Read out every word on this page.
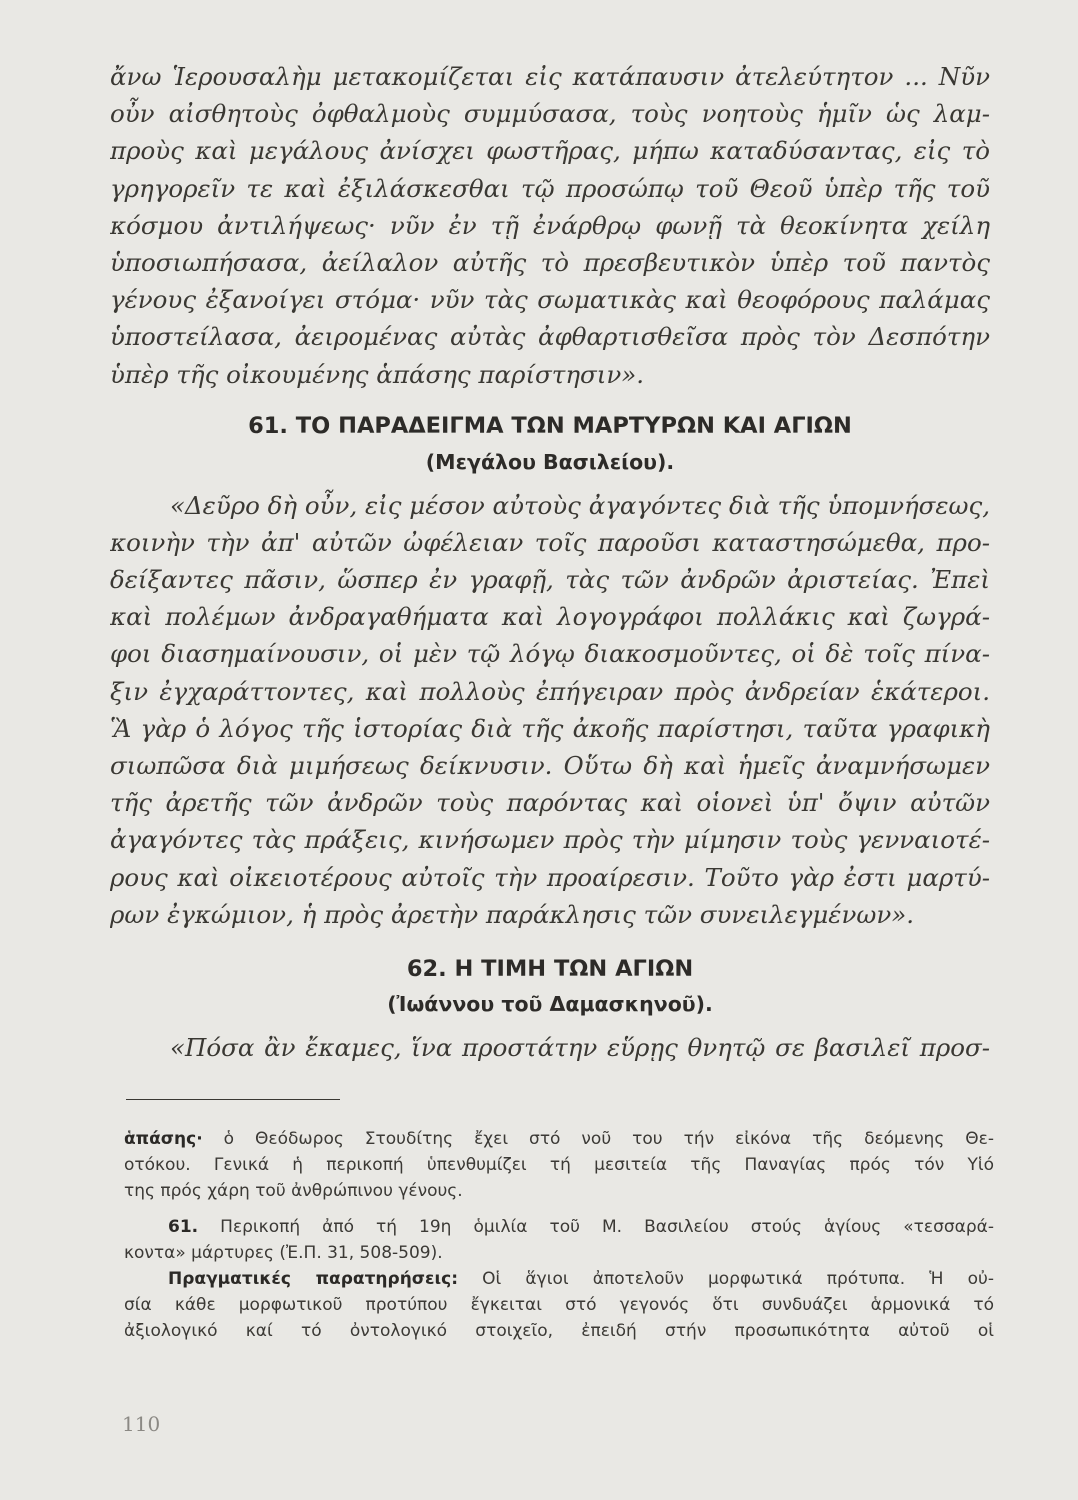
ἄνω Ἱερουσαλὴμ μετακομίζεται εἰς κατάπαυσιν ἀτελεύτητον ... Νῦν
οὖν αἰσθητοὺς ὀφθαλμοὺς συμμύσασα, τοὺς νοητοὺς ἡμῖν ὡς λαμ-
προὺς καὶ μεγάλους ἀνίσχει φωστῆρας, μήπω καταδύσαντας, εἰς τὸ
γρηγορεῖν τε καὶ ἐξιλάσκεσθαι τῷ προσώπῳ τοῦ Θεοῦ ὑπὲρ τῆς τοῦ
κόσμου ἀντιλήψεως· νῦν ἐν τῇ ἐνάρθρῳ φωνῇ τὰ θεοκίνητα χείλη
ὑποσιωπήσασα, ἀείλαλον αὐτῆς τὸ πρεσβευτικὸν ὑπὲρ τοῦ παντὸς
γένους ἐξανοίγει στόμα· νῦν τὰς σωματικὰς καὶ θεοφόρους παλάμας
ὑποστείλασα, ἀειρομένας αὐτὰς ἀφθαρτισθεῖσα πρὸς τὸν Δεσπότην
ὑπὲρ τῆς οἰκουμένης ἁπάσης παρίστησιν».
61. ΤΟ ΠΑΡΑΔΕΙΓΜΑ ΤΩΝ ΜΑΡΤΥΡΩΝ ΚΑΙ ΑΓΙΩΝ
(Μεγάλου Βασιλείου).
«Δεῦρο δὴ οὖν, εἰς μέσον αὐτοὺς ἀγαγόντες διὰ τῆς ὑπομνήσεως,
κοινὴν τὴν ἀπ' αὐτῶν ὠφέλειαν τοῖς παροῦσι καταστησώμεθα, προ-
δείξαντες πᾶσιν, ὥσπερ ἐν γραφῇ, τὰς τῶν ἀνδρῶν ἀριστείας. Ἐπεὶ
καὶ πολέμων ἀνδραγαθήματα καὶ λογογράφοι πολλάκις καὶ ζωγρά-
φοι διασημαίνουσιν, οἱ μὲν τῷ λόγῳ διακοσμοῦντες, οἱ δὲ τοῖς πίνα-
ξιν ἐγχαράττοντες, καὶ πολλοὺς ἐπήγειραν πρὸς ἀνδρείαν ἑκάτεροι.
Ἃ γὰρ ὁ λόγος τῆς ἱστορίας διὰ τῆς ἀκοῆς παρίστησι, ταῦτα γραφικὴ
σιωπῶσα διὰ μιμήσεως δείκνυσιν. Οὕτω δὴ καὶ ἡμεῖς ἀναμνήσωμεν
τῆς ἀρετῆς τῶν ἀνδρῶν τοὺς παρόντας καὶ οἱονεὶ ὑπ' ὄψιν αὐτῶν
ἀγαγόντες τὰς πράξεις, κινήσωμεν πρὸς τὴν μίμησιν τοὺς γενναιοτέ-
ρους καὶ οἰκειοτέρους αὐτοῖς τὴν προαίρεσιν. Τοῦτο γὰρ ἐστι μαρτύ-
ρων ἐγκώμιον, ἡ πρὸς ἀρετὴν παράκλησις τῶν συνειλεγμένων».
62. Η ΤΙΜΗ ΤΩΝ ΑΓΙΩΝ
(Ἰωάννου τοῦ Δαμασκηνοῦ).
«Πόσα ἂν ἔκαμες, ἵνα προστάτην εὕρῃς θνητῷ σε βασιλεῖ προσ-
ἁπάσης· ὁ Θεόδωρος Στουδίτης ἔχει στό νοῦ του τήν εἰκόνα τῆς δεόμενης Θε-
οτόκου. Γενικά ἡ περικοπή ὑπενθυμίζει τή μεσιτεία τῆς Παναγίας πρός τόν Υἱό
της πρός χάρη τοῦ ἀνθρώπινου γένους.
61. Περικοπή ἀπό τή 19η ὁμιλία τοῦ Μ. Βασιλείου στούς ἁγίους «τεσσαρά-
κοντα» μάρτυρες (Ἐ.Π. 31, 508-509).
Πραγματικές παρατηρήσεις: Οἱ ἅγιοι ἀποτελοῦν μορφωτικά πρότυπα. Ἡ οὐ-
σία κάθε μορφωτικοῦ προτύπου ἔγκειται στό γεγονός ὅτι συνδυάζει ἁρμονικά τό
ἀξιολογικό καί τό ὀντολογικό στοιχεῖο, ἐπειδή στήν προσωπικότητα αὐτοῦ οἱ
110
